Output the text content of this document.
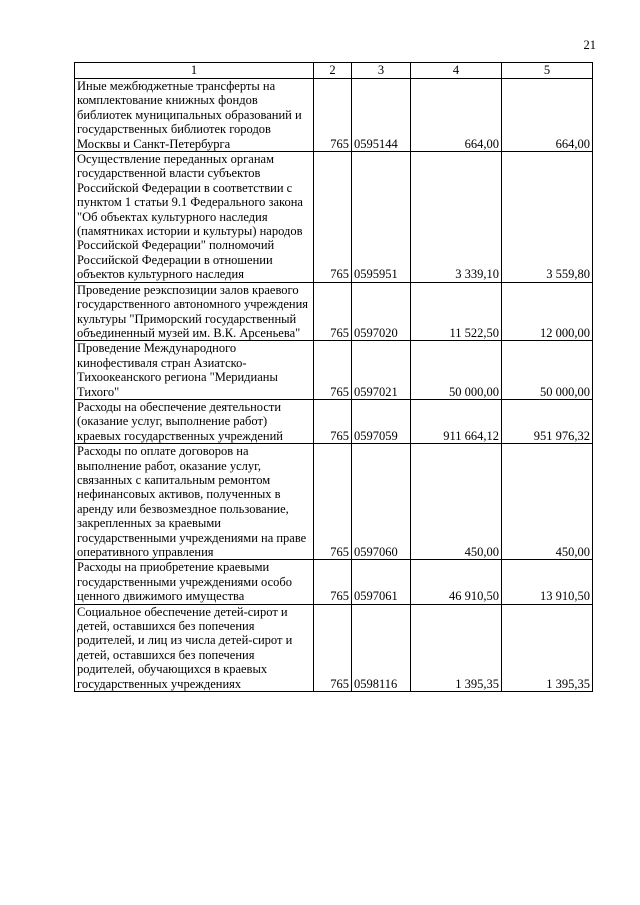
21
1	2	3	4	5
Иные межбюджетные трансферты на комплектование книжных фондов библиотек муниципальных образований и государственных библиотек городов Москвы и Санкт-Петербурга	765	0595144	664,00	664,00
Осуществление переданных органам государственной власти субъектов Российской Федерации в соответствии с пунктом 1 статьи 9.1 Федерального закона "Об объектах культурного наследия (памятниках истории и культуры) народов Российской Федерации" полномочий Российской Федерации в отношении объектов культурного наследия	765	0595951	3 339,10	3 559,80
Проведение реэкспозиции залов краевого государственного автономного учреждения культуры "Приморский государственный объединенный музей им. В.К. Арсеньева"	765	0597020	11 522,50	12 000,00
Проведение Международного кинофестиваля стран Азиатско-Тихоокеанского региона "Меридианы Тихого"	765	0597021	50 000,00	50 000,00
Расходы на обеспечение деятельности (оказание услуг, выполнение работ) краевых государственных учреждений	765	0597059	911 664,12	951 976,32
Расходы по оплате договоров на выполнение работ, оказание услуг, связанных с капитальным ремонтом нефинансовых активов, полученных в аренду или безвозмездное пользование, закрепленных за краевыми государственными учреждениями на праве оперативного управления	765	0597060	450,00	450,00
Расходы на приобретение краевыми государственными учреждениями особо ценного движимого имущества	765	0597061	46 910,50	13 910,50
Социальное обеспечение детей-сирот и детей, оставшихся без попечения родителей, и лиц из числа детей-сирот и детей, оставшихся без попечения родителей, обучающихся в краевых государственных учреждениях	765	0598116	1 395,35	1 395,35
